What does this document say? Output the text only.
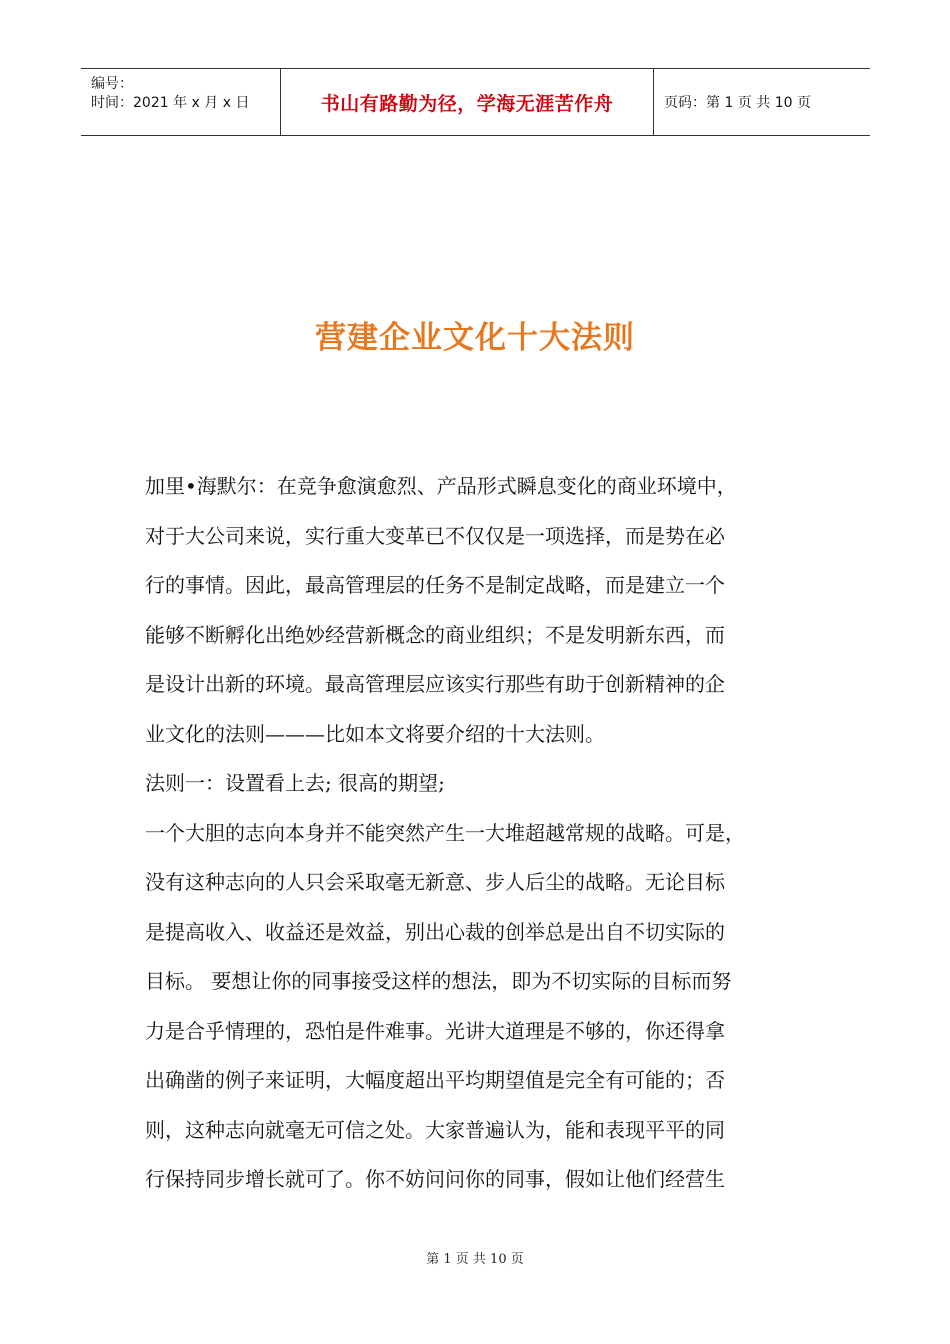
编号：
时间：2021 年 x 月 x 日	书山有路勤为径，学海无涯苦作舟	页码：第 1 页 共 10 页
营建企业文化十大法则

加里•海默尔：在竞争愈演愈烈、产品形式瞬息变化的商业环境中，

对于大公司来说，实行重大变革已不仅仅是一项选择，而是势在必

行的事情。因此，最高管理层的任务不是制定战略，而是建立一个

能够不断孵化出绝妙经营新概念的商业组织；不是发明新东西，而

是设计出新的环境。最高管理层应该实行那些有助于创新精神的企

业文化的法则———比如本文将要介绍的十大法则。

法则一：设置看上去; 很高的期望;

一个大胆的志向本身并不能突然产生一大堆超越常规的战略。可是，

没有这种志向的人只会采取毫无新意、步人后尘的战略。无论目标

是提高收入、收益还是效益，别出心裁的创举总是出自不切实际的

目标。 要想让你的同事接受这样的想法，即为不切实际的目标而努

力是合乎情理的，恐怕是件难事。光讲大道理是不够的，你还得拿

出确凿的例子来证明，大幅度超出平均期望值是完全有可能的；否

则，这种志向就毫无可信之处。大家普遍认为，能和表现平平的同

行保持同步增长就可了。你不妨问问你的同事，假如让他们经营生

第 1 页 共 10 页
